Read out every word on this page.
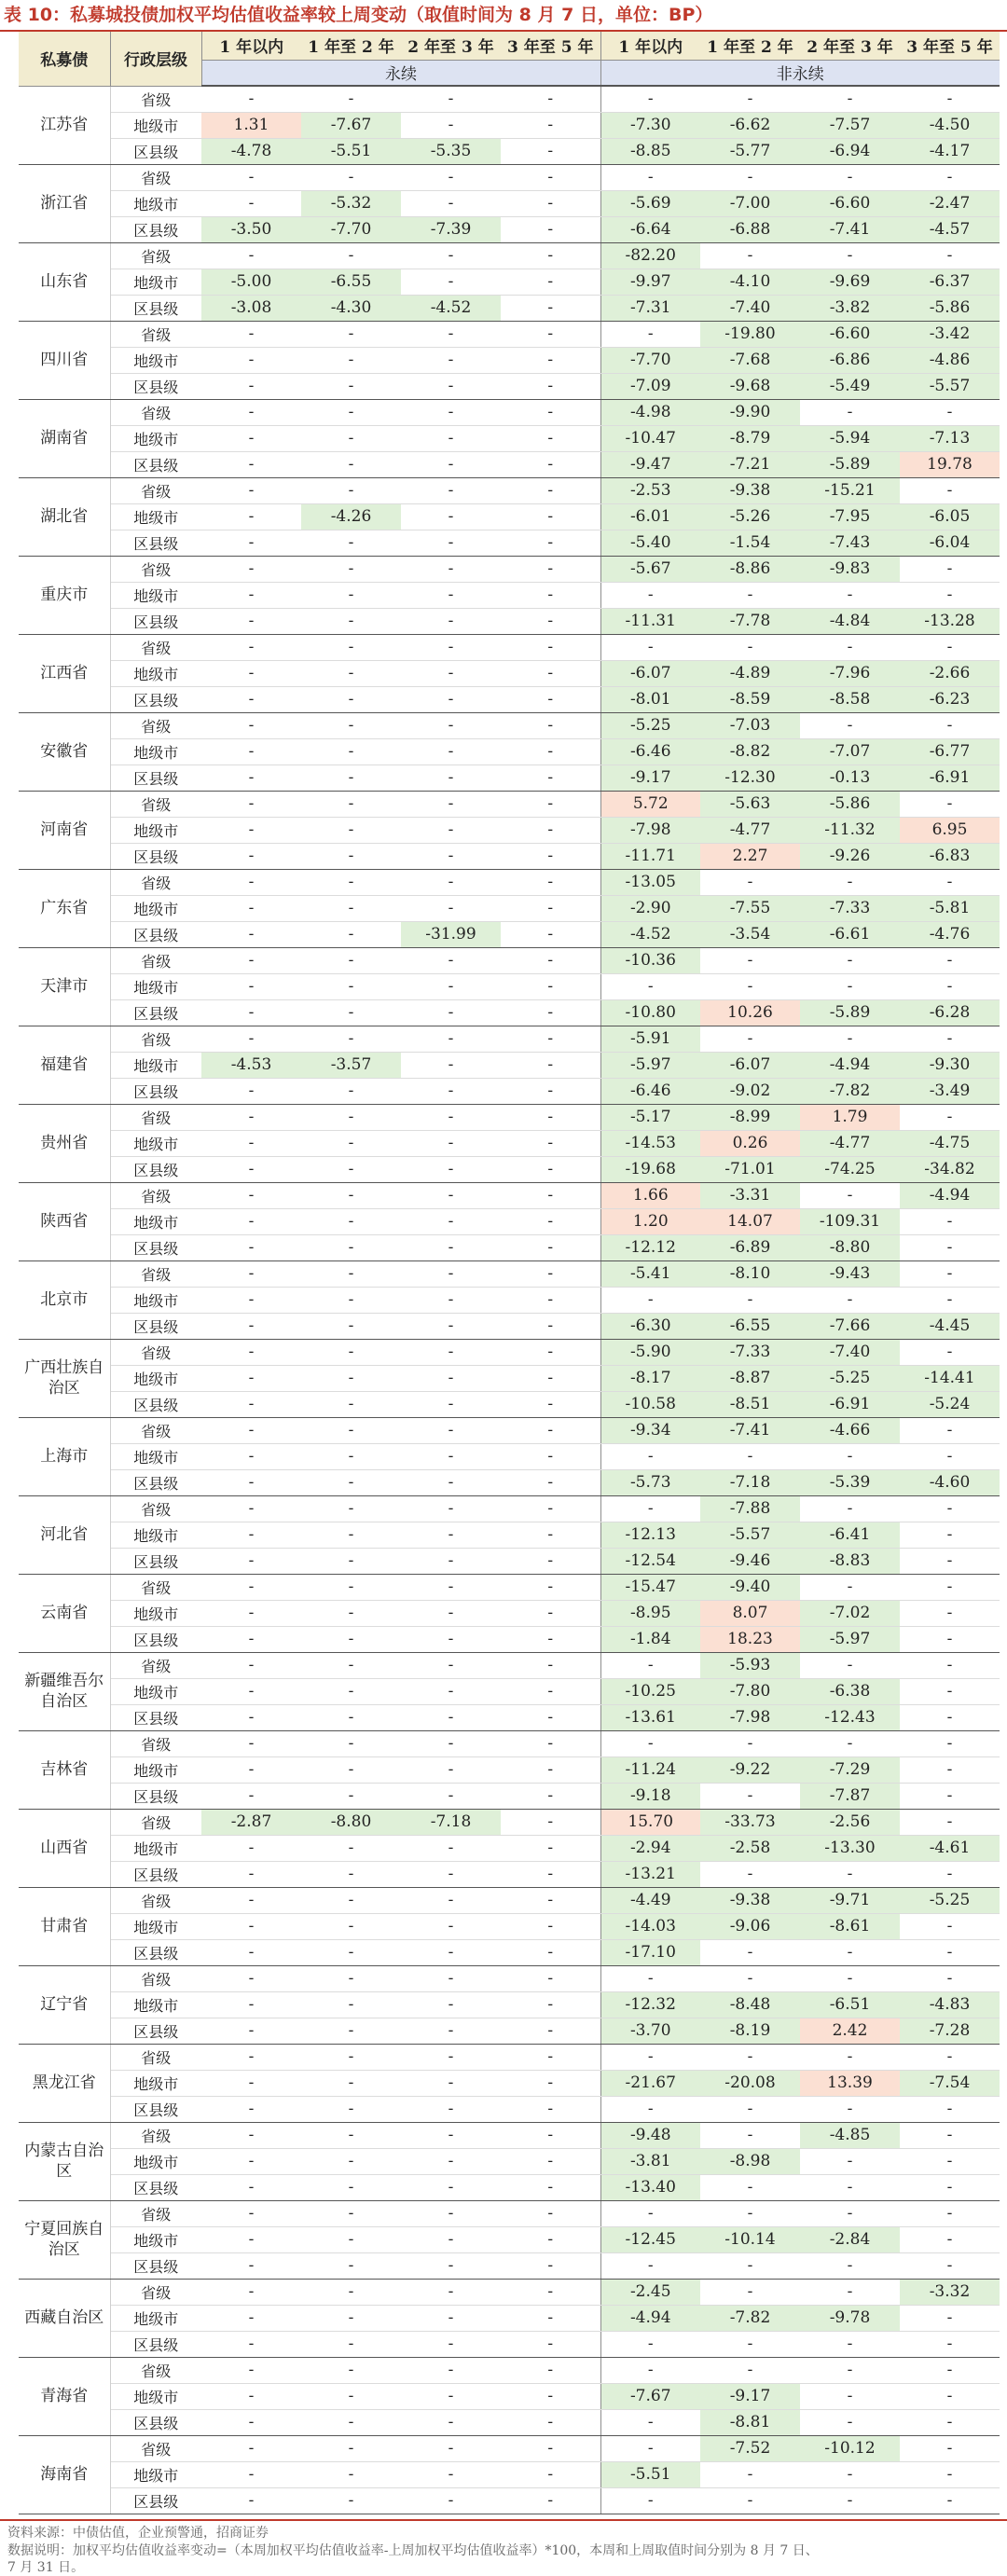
表 10：私募城投债加权平均估值收益率较上周变动（取值时间为 8 月 7 日，单位：BP）
私募债	行政层级	1 年以内	1 年至 2 年	2 年至 3 年	3 年至 5 年	1 年以内	1 年至 2 年	2 年至 3 年	3 年至 5 年
		永续				非永续			
江苏省	省级	-	-	-	-	-	-	-	-
	地级市	1.31	-7.67	-	-	-7.30	-6.62	-7.57	-4.50
	区县级	-4.78	-5.51	-5.35	-	-8.85	-5.77	-6.94	-4.17
浙江省	省级	-	-	-	-	-	-	-	-
	地级市	-	-5.32	-	-	-5.69	-7.00	-6.60	-2.47
	区县级	-3.50	-7.70	-7.39	-	-6.64	-6.88	-7.41	-4.57
山东省	省级	-	-	-	-	-82.20	-	-	-
	地级市	-5.00	-6.55	-	-	-9.97	-4.10	-9.69	-6.37
	区县级	-3.08	-4.30	-4.52	-	-7.31	-7.40	-3.82	-5.86
四川省	省级	-	-	-	-	-	-19.80	-6.60	-3.42
	地级市	-	-	-	-	-7.70	-7.68	-6.86	-4.86
	区县级	-	-	-	-	-7.09	-9.68	-5.49	-5.57
湖南省	省级	-	-	-	-	-4.98	-9.90	-	-
	地级市	-	-	-	-	-10.47	-8.79	-5.94	-7.13
	区县级	-	-	-	-	-9.47	-7.21	-5.89	19.78
湖北省	省级	-	-	-	-	-2.53	-9.38	-15.21	-
	地级市	-	-4.26	-	-	-6.01	-5.26	-7.95	-6.05
	区县级	-	-	-	-	-5.40	-1.54	-7.43	-6.04
重庆市	省级	-	-	-	-	-5.67	-8.86	-9.83	-
	地级市	-	-	-	-	-	-	-	-
	区县级	-	-	-	-	-11.31	-7.78	-4.84	-13.28
江西省	省级	-	-	-	-	-	-	-	-
	地级市	-	-	-	-	-6.07	-4.89	-7.96	-2.66
	区县级	-	-	-	-	-8.01	-8.59	-8.58	-6.23
安徽省	省级	-	-	-	-	-5.25	-7.03	-	-
	地级市	-	-	-	-	-6.46	-8.82	-7.07	-6.77
	区县级	-	-	-	-	-9.17	-12.30	-0.13	-6.91
河南省	省级	-	-	-	-	5.72	-5.63	-5.86	-
	地级市	-	-	-	-	-7.98	-4.77	-11.32	6.95
	区县级	-	-	-	-	-11.71	2.27	-9.26	-6.83
广东省	省级	-	-	-	-	-13.05	-	-	-
	地级市	-	-	-	-	-2.90	-7.55	-7.33	-5.81
	区县级	-	-	-31.99	-	-4.52	-3.54	-6.61	-4.76
天津市	省级	-	-	-	-	-10.36	-	-	-
	地级市	-	-	-	-	-	-	-	-
	区县级	-	-	-	-	-10.80	10.26	-5.89	-6.28
福建省	省级	-	-	-	-	-5.91	-	-	-
	地级市	-4.53	-3.57	-	-	-5.97	-6.07	-4.94	-9.30
	区县级	-	-	-	-	-6.46	-9.02	-7.82	-3.49
贵州省	省级	-	-	-	-	-5.17	-8.99	1.79	-
	地级市	-	-	-	-	-14.53	0.26	-4.77	-4.75
	区县级	-	-	-	-	-19.68	-71.01	-74.25	-34.82
陕西省	省级	-	-	-	-	1.66	-3.31	-	-4.94
	地级市	-	-	-	-	1.20	14.07	-109.31	-
	区县级	-	-	-	-	-12.12	-6.89	-8.80	-
北京市	省级	-	-	-	-	-5.41	-8.10	-9.43	-
	地级市	-	-	-	-	-	-	-	-
	区县级	-	-	-	-	-6.30	-6.55	-7.66	-4.45
广西壮族自治区	省级	-	-	-	-	-5.90	-7.33	-7.40	-
	地级市	-	-	-	-	-8.17	-8.87	-5.25	-14.41
	区县级	-	-	-	-	-10.58	-8.51	-6.91	-5.24
上海市	省级	-	-	-	-	-9.34	-7.41	-4.66	-
	地级市	-	-	-	-	-	-	-	-
	区县级	-	-	-	-	-5.73	-7.18	-5.39	-4.60
河北省	省级	-	-	-	-	-	-7.88	-	-
	地级市	-	-	-	-	-12.13	-5.57	-6.41	-
	区县级	-	-	-	-	-12.54	-9.46	-8.83	-
云南省	省级	-	-	-	-	-15.47	-9.40	-	-
	地级市	-	-	-	-	-8.95	8.07	-7.02	-
	区县级	-	-	-	-	-1.84	18.23	-5.97	-
新疆维吾尔自治区	省级	-	-	-	-	-	-5.93	-	-
	地级市	-	-	-	-	-10.25	-7.80	-6.38	-
	区县级	-	-	-	-	-13.61	-7.98	-12.43	-
吉林省	省级	-	-	-	-	-	-	-	-
	地级市	-	-	-	-	-11.24	-9.22	-7.29	-
	区县级	-	-	-	-	-9.18	-	-7.87	-
山西省	省级	-2.87	-8.80	-7.18	-	15.70	-33.73	-2.56	-
	地级市	-	-	-	-	-2.94	-2.58	-13.30	-4.61
	区县级	-	-	-	-	-13.21	-	-	-
甘肃省	省级	-	-	-	-	-4.49	-9.38	-9.71	-5.25
	地级市	-	-	-	-	-14.03	-9.06	-8.61	-
	区县级	-	-	-	-	-17.10	-	-	-
辽宁省	省级	-	-	-	-	-	-	-	-
	地级市	-	-	-	-	-12.32	-8.48	-6.51	-4.83
	区县级	-	-	-	-	-3.70	-8.19	2.42	-7.28
黑龙江省	省级	-	-	-	-	-	-	-	-
	地级市	-	-	-	-	-21.67	-20.08	13.39	-7.54
	区县级	-	-	-	-	-	-	-	-
内蒙古自治区	省级	-	-	-	-	-9.48	-	-4.85	-
	地级市	-	-	-	-	-3.81	-8.98	-	-
	区县级	-	-	-	-	-13.40	-	-	-
宁夏回族自治区	省级	-	-	-	-	-	-	-	-
	地级市	-	-	-	-	-12.45	-10.14	-2.84	-
	区县级	-	-	-	-	-	-	-	-
西藏自治区	省级	-	-	-	-	-2.45	-	-	-3.32
	地级市	-	-	-	-	-4.94	-7.82	-9.78	-
	区县级	-	-	-	-	-	-	-	-
青海省	省级	-	-	-	-	-	-	-	-
	地级市	-	-	-	-	-7.67	-9.17	-	-
	区县级	-	-	-	-	-	-8.81	-	-
海南省	省级	-	-	-	-	-	-7.52	-10.12	-
	地级市	-	-	-	-	-5.51	-	-	-
	区县级	-	-	-	-	-	-	-	-
资料来源：中债估值，企业预警通，招商证券
数据说明：加权平均估值收益率变动=（本周加权平均估值收益率-上周加权平均估值收益率）*100，本周和上周取值时间分别为 8 月 7 日、
7 月 31 日。
